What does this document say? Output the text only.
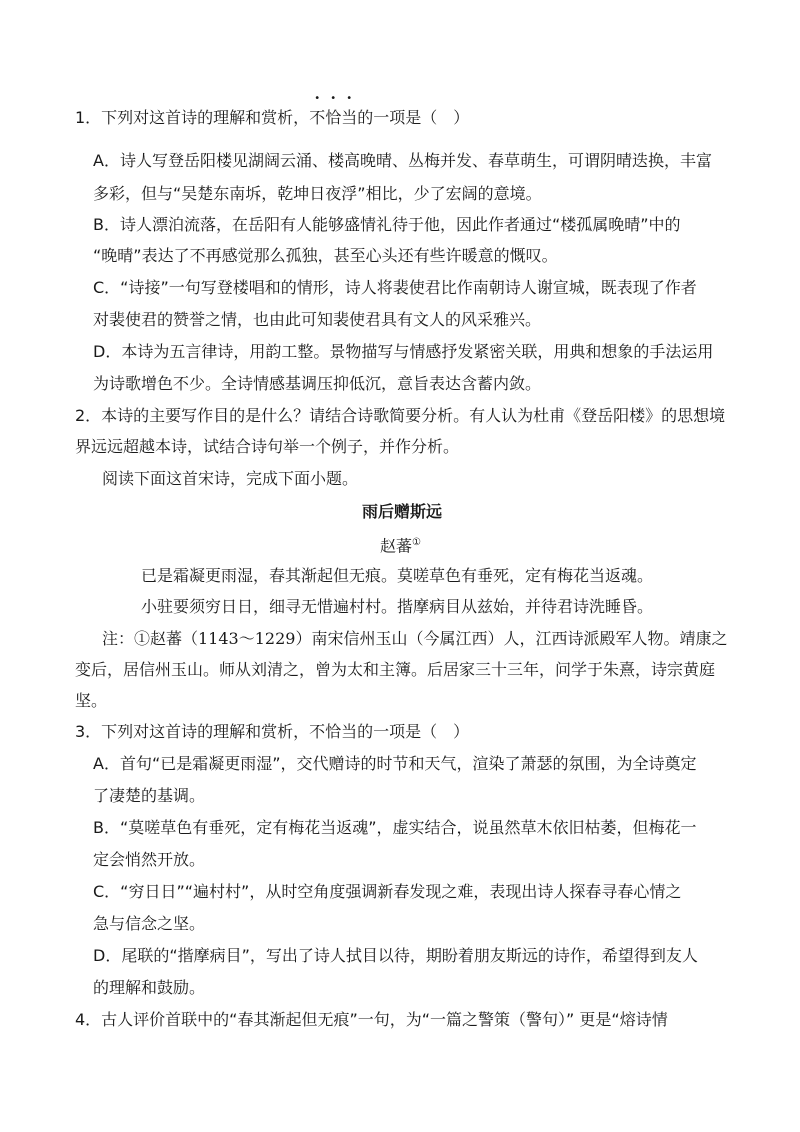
1．下列对这首诗的理解和赏析，不恰当的一项是（　）
A．诗人写登岳阳楼见湖阔云涌、楼高晚晴、丛梅并发、春草萌生，可谓阴晴迭换，丰富
多彩，但与“吴楚东南坼，乾坤日夜浮”相比，少了宏阔的意境。
B．诗人漂泊流落，在岳阳有人能够盛情礼待于他，因此作者通过“楼孤属晚晴”中的
“晚晴”表达了不再感觉那么孤独，甚至心头还有些许暖意的慨叹。
C．“诗接”一句写登楼唱和的情形，诗人将裴使君比作南朝诗人谢宣城，既表现了作者
对裴使君的赞誉之情，也由此可知裴使君具有文人的风采雅兴。
D．本诗为五言律诗，用韵工整。景物描写与情感抒发紧密关联，用典和想象的手法运用
为诗歌增色不少。全诗情感基调压抑低沉，意旨表达含蓄内敛。
2．本诗的主要写作目的是什么？请结合诗歌简要分析。有人认为杜甫《登岳阳楼》的思想境
界远远超越本诗，试结合诗句举一个例子，并作分析。
阅读下面这首宋诗，完成下面小题。
雨后赠斯远
赵蕃①
已是霜凝更雨湿，春其渐起但无痕。莫嗟草色有垂死，定有梅花当返魂。
小驻要须穷日日，细寻无惜遍村村。揩摩病目从兹始，并待君诗洗睡昏。
注：①赵蕃（1143～1229）南宋信州玉山（今属江西）人，江西诗派殿军人物。靖康之
变后，居信州玉山。师从刘清之，曾为太和主簿。后居家三十三年，问学于朱熹，诗宗黄庭
坚。
3．下列对这首诗的理解和赏析，不恰当的一项是（　）
A．首句“已是霜凝更雨湿”，交代赠诗的时节和天气，渲染了萧瑟的氛围，为全诗奠定
了凄楚的基调。
B．“莫嗟草色有垂死，定有梅花当返魂”，虚实结合，说虽然草木依旧枯萎，但梅花一
定会悄然开放。
C．“穷日日”“遍村村”，从时空角度强调新春发现之难，表现出诗人探春寻春心情之
急与信念之坚。
D．尾联的“揩摩病目”，写出了诗人拭目以待，期盼着朋友斯远的诗作，希望得到友人
的理解和鼓励。
4．古人评价首联中的“春其渐起但无痕”一句，为“一篇之警策（警句）” 更是“熔诗情
